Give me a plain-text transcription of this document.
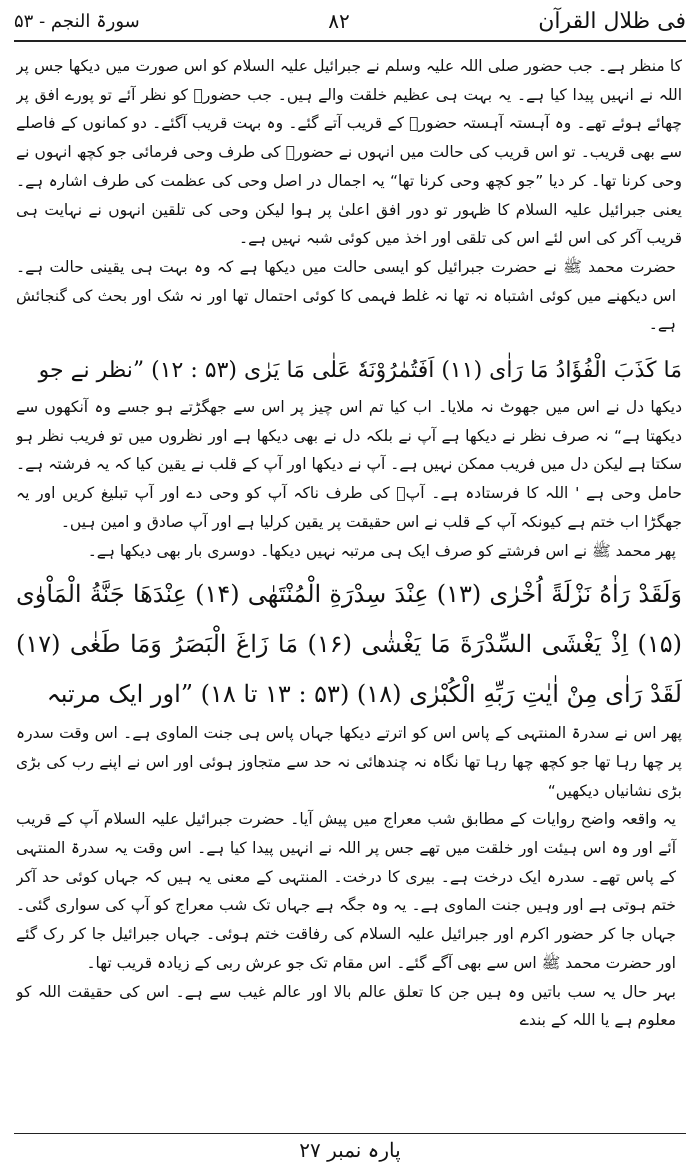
فی ظلال القرآن
۸۲
سورۃ النجم - ۵۳

کا منظر ہے۔ جب حضور صلی اللہ علیہ وسلم نے جبرائیل علیہ السلام کو اس صورت میں دیکھا جس پر اللہ نے انہیں پیدا کیا ہے۔ یہ بہت ہی عظیم خلقت والے ہیں۔ جب حضورؐ کو نظر آئے تو پورے افق پر چھائے ہوئے تھے۔ وہ آہستہ آہستہ حضورؐ کے قریب آتے گئے۔ وہ بہت قریب آگئے۔ دو کمانوں کے فاصلے سے بھی قریب۔ تو اس قریب کی حالت میں انہوں نے حضورؐ کی طرف وحی فرمائی جو کچھ انہوں نے وحی کرنا تھا۔ کر دیا ”جو کچھ وحی کرنا تھا“ یہ اجمال در اصل وحی کی عظمت کی طرف اشارہ ہے۔ یعنی جبرائیل علیہ السلام کا ظہور تو دور افق اعلیٰ پر ہوا لیکن وحی کی تلقین انہوں نے نہایت ہی قریب آکر کی اس لئے اس کی تلقی اور اخذ میں کوئی شبہ نہیں ہے۔

حضرت محمد ﷺ نے حضرت جبرائیل کو ایسی حالت میں دیکھا ہے کہ وہ بہت ہی یقینی حالت ہے۔ اس دیکھنے میں کوئی اشتباہ نہ تھا نہ غلط فہمی کا کوئی احتمال تھا اور نہ شک اور بحث کی گنجائش ہے۔

مَا كَذَبَ الْفُؤَادُ مَا رَاٰى (۱۱) اَفَتُمٰرُوْنَهٗ عَلٰى مَا يَرٰى (۵۳ : ۱۲) ”نظر نے جو

دیکھا دل نے اس میں جھوٹ نہ ملایا۔ اب کیا تم اس چیز پر اس سے جھگڑتے ہو جسے وہ آنکھوں سے دیکھتا ہے“ نہ صرف نظر نے دیکھا ہے آپ نے بلکہ دل نے بھی دیکھا ہے اور نظروں میں تو فریب نظر ہو سکتا ہے لیکن دل میں فریب ممکن نہیں ہے۔ آپ نے دیکھا اور آپ کے قلب نے یقین کیا کہ یہ فرشتہ ہے۔ حامل وحی ہے ' اللہ کا فرستادہ ہے۔ آپؐ کی طرف ناکہ آپ کو وحی دے اور آپ تبلیغ کریں اور یہ جھگڑا اب ختم ہے کیونکہ آپ کے قلب نے اس حقیقت پر یقین کرلیا ہے اور آپ صادق و امین ہیں۔

پھر محمد ﷺ نے اس فرشتے کو صرف ایک ہی مرتبہ نہیں دیکھا۔ دوسری بار بھی دیکھا ہے۔

وَلَقَدْ رَاٰهُ نَزْلَةً اُخْرٰى (۱۳) عِنْدَ سِدْرَةِ الْمُنْتَهٰى (۱۴) عِنْدَهَا جَنَّةُ الْمَاْوٰى (۱۵) اِذْ يَغْشَى السِّدْرَةَ مَا يَغْشٰى (۱۶) مَا زَاغَ الْبَصَرُ وَمَا طَغٰى (۱۷) لَقَدْ رَاٰى مِنْ اٰيٰتِ رَبِّهِ الْكُبْرٰى (۱۸) (۵۳ : ۱۳ تا ۱۸) ”اور ایک مرتبہ

پھر اس نے سدرۃ المنتہی کے پاس اس کو اترتے دیکھا جہاں پاس ہی جنت الماوی ہے۔ اس وقت سدرہ پر چھا رہا تھا جو کچھ چھا رہا تھا نگاہ نہ چندھائی نہ حد سے متجاوز ہوئی اور اس نے اپنے رب کی بڑی بڑی نشانیاں دیکھیں“

یہ واقعہ واضح روایات کے مطابق شب معراج میں پیش آیا۔ حضرت جبرائیل علیہ السلام آپ کے قریب آئے اور وہ اس ہیئت اور خلقت میں تھے جس پر اللہ نے انہیں پیدا کیا ہے۔ اس وقت یہ سدرۃ المنتہی کے پاس تھے۔ سدرہ ایک درخت ہے۔ بیری کا درخت۔ المنتہی کے معنی یہ ہیں کہ جہاں کوئی حد آکر ختم ہوتی ہے اور وہیں جنت الماوی ہے۔ یہ وہ جگہ ہے جہاں تک شب معراج کو آپ کی سواری گئی۔ جہاں جا کر حضور اکرم اور جبرائیل علیہ السلام کی رفاقت ختم ہوئی۔ جہاں جبرائیل جا کر رک گئے اور حضرت محمد ﷺ اس سے بھی آگے گئے۔ اس مقام تک جو عرش ربی کے زیادہ قریب تھا۔

بہر حال یہ سب باتیں وہ ہیں جن کا تعلق عالم بالا اور عالم غیب سے ہے۔ اس کی حقیقت اللہ کو معلوم ہے یا اللہ کے بندے

پارہ نمبر ۲۷
